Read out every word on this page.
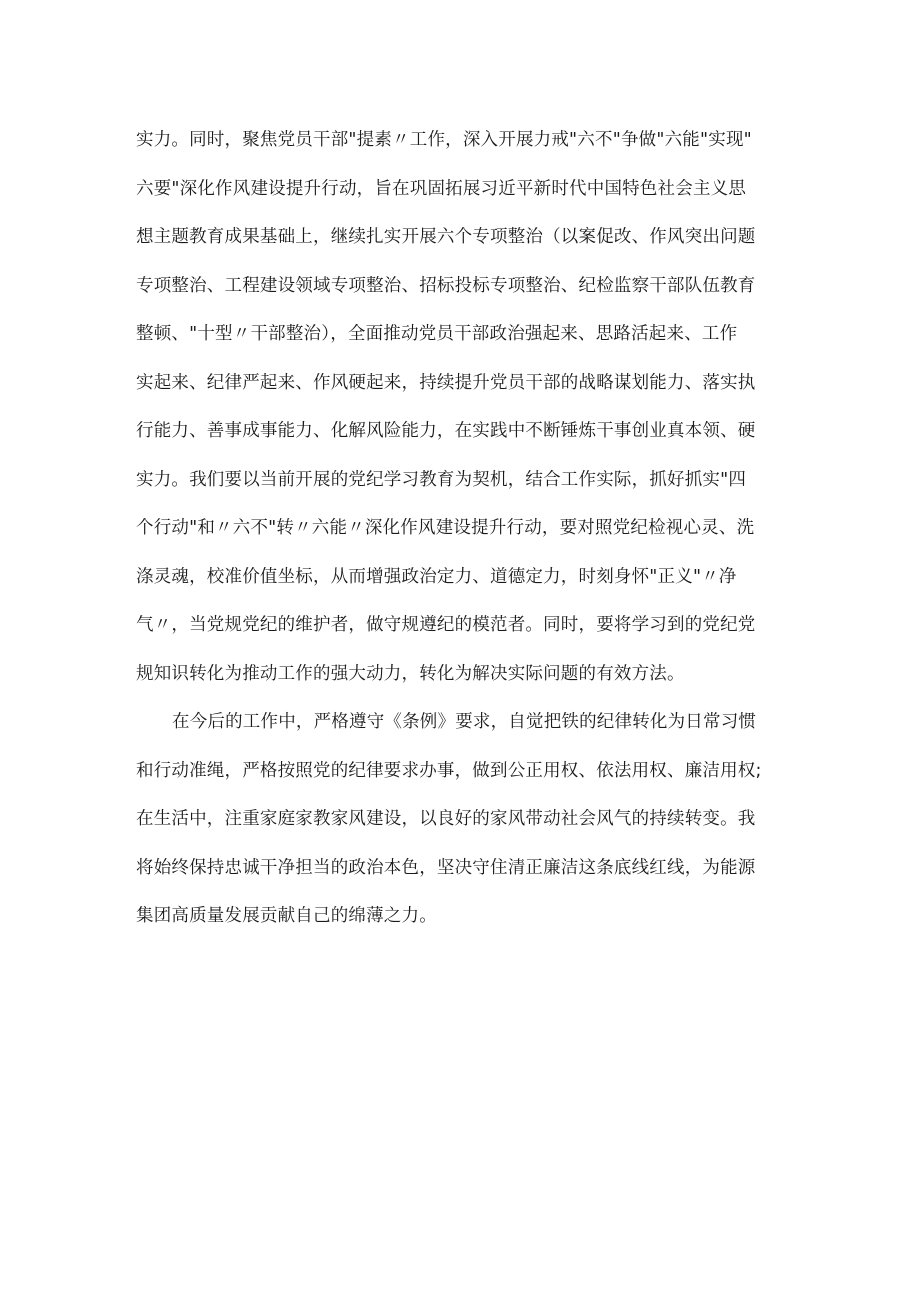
实力。同时，聚焦党员干部"提素〃工作，深入开展力戒"六不"争做"六能"实现"
六要"深化作风建设提升行动，旨在巩固拓展习近平新时代中国特色社会主义思
想主题教育成果基础上，继续扎实开展六个专项整治（以案促改、作风突出问题
专项整治、工程建设领域专项整治、招标投标专项整治、纪检监察干部队伍教育
整顿、"十型〃干部整治），全面推动党员干部政治强起来、思路活起来、工作
实起来、纪律严起来、作风硬起来，持续提升党员干部的战略谋划能力、落实执
行能力、善事成事能力、化解风险能力，在实践中不断锤炼干事创业真本领、硬
实力。我们要以当前开展的党纪学习教育为契机，结合工作实际，抓好抓实"四
个行动"和〃六不"转〃六能〃深化作风建设提升行动，要对照党纪检视心灵、洗
涤灵魂，校准价值坐标，从而增强政治定力、道德定力，时刻身怀"正义"〃净
气〃，当党规党纪的维护者，做守规遵纪的模范者。同时，要将学习到的党纪党
规知识转化为推动工作的强大动力，转化为解决实际问题的有效方法。
在今后的工作中，严格遵守《条例》要求，自觉把铁的纪律转化为日常习惯
和行动准绳，严格按照党的纪律要求办事，做到公正用权、依法用权、廉洁用权;
在生活中，注重家庭家教家风建设，以良好的家风带动社会风气的持续转变。我
将始终保持忠诚干净担当的政治本色，坚决守住清正廉洁这条底线红线，为能源
集团高质量发展贡献自己的绵薄之力。
